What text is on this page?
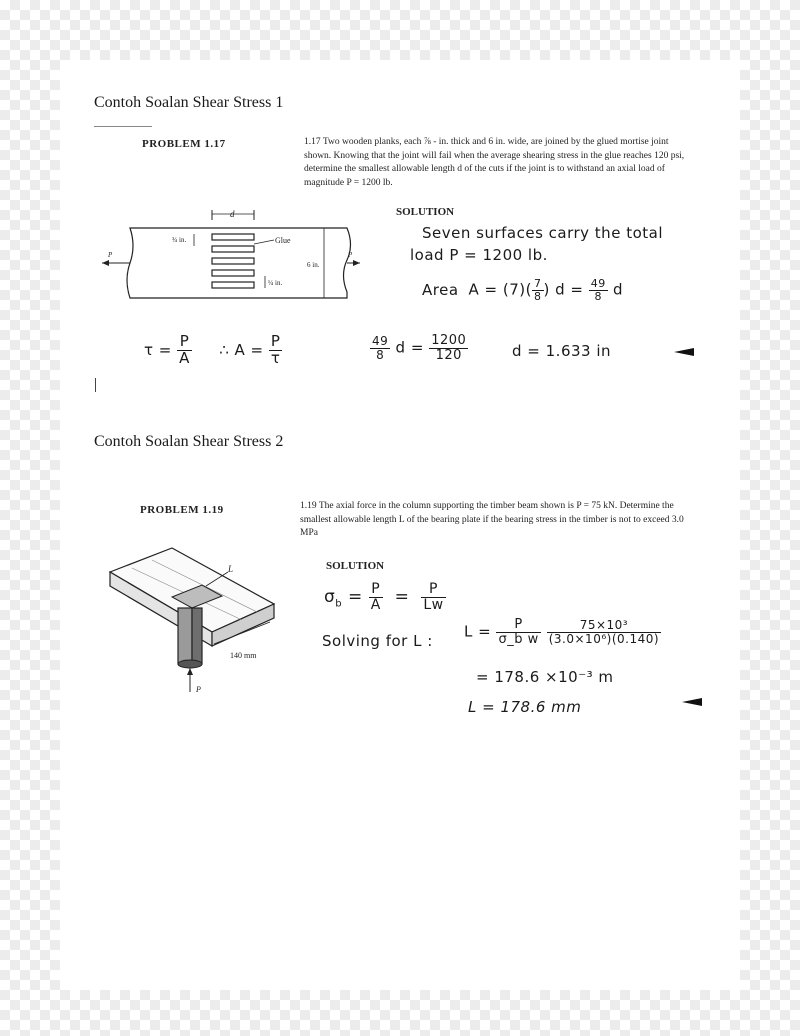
Contoh Soalan Shear Stress 1
PROBLEM 1.17	1.17 Two wooden planks, each ⅞ - in. thick and 6 in. wide, are joined by the glued mortise joint shown. Knowing that the joint will fail when the average shearing stress in the glue reaches 120 psi, determine the smallest allowable length d of the cuts if the joint is to withstand an axial load of magnitude P = 1200 lb.
SOLUTION
d
Glue
¾ in.
¼ in.
6 in.
P	P
Seven surfaces carry the total
load P = 1200 lb.
Area $A = (7)( \frac{7}{8}$ ) $d = \frac{49}{8}$ d
$\tau = \frac{P}{A}$ ∴ $A = \frac{P}{\tau}$	$\frac{49}{8}$ $d = \frac{1200}{120}$	d = 1.633 in
Contoh Soalan Shear Stress 2
PROBLEM 1.19	1.19 The axial force in the column supporting the timber beam shown is P = 75 kN. Determine the smallest allowable length L of the bearing plate if the bearing stress in the timber is not to exceed 3.0 MPa
SOLUTION
L
140 mm
P
$\sigma_b = \frac{P}{A} = \frac{P}{Lw}$
Solving for L :
$L = \frac{P}{\text{σ\_b w}} \frac{\text{75×10³}}{\text{(3.0×10⁶)(0.140)}}$
= 178.6 ×10⁻³ m
L = 178.6 mm
